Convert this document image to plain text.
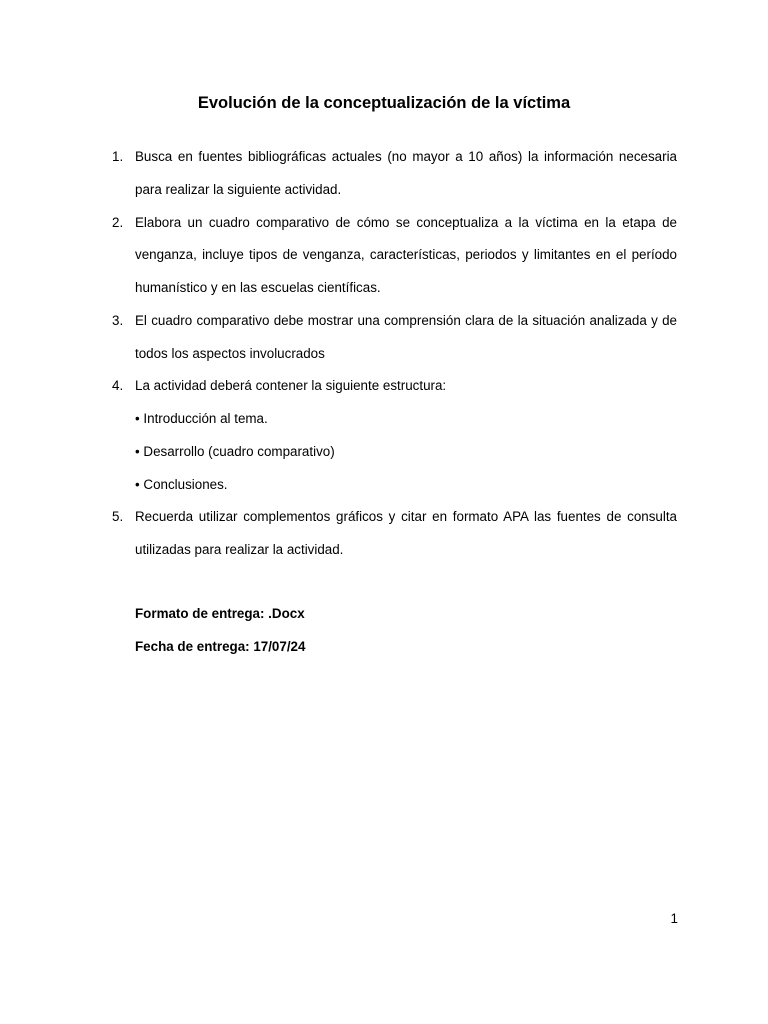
Evolución de la conceptualización de la víctima
1. Busca en fuentes bibliográficas actuales (no mayor a 10 años) la información necesaria para realizar la siguiente actividad.
2. Elabora un cuadro comparativo de cómo se conceptualiza a la víctima en la etapa de venganza, incluye tipos de venganza, características, periodos y limitantes en el período humanístico y en las escuelas científicas.
3. El cuadro comparativo debe mostrar una comprensión clara de la situación analizada y de todos los aspectos involucrados
4. La actividad deberá contener la siguiente estructura:
• Introducción al tema.
• Desarrollo (cuadro comparativo)
• Conclusiones.
5. Recuerda utilizar complementos gráficos y citar en formato APA las fuentes de consulta utilizadas para realizar la actividad.
Formato de entrega: .Docx
Fecha de entrega: 17/07/24
1
